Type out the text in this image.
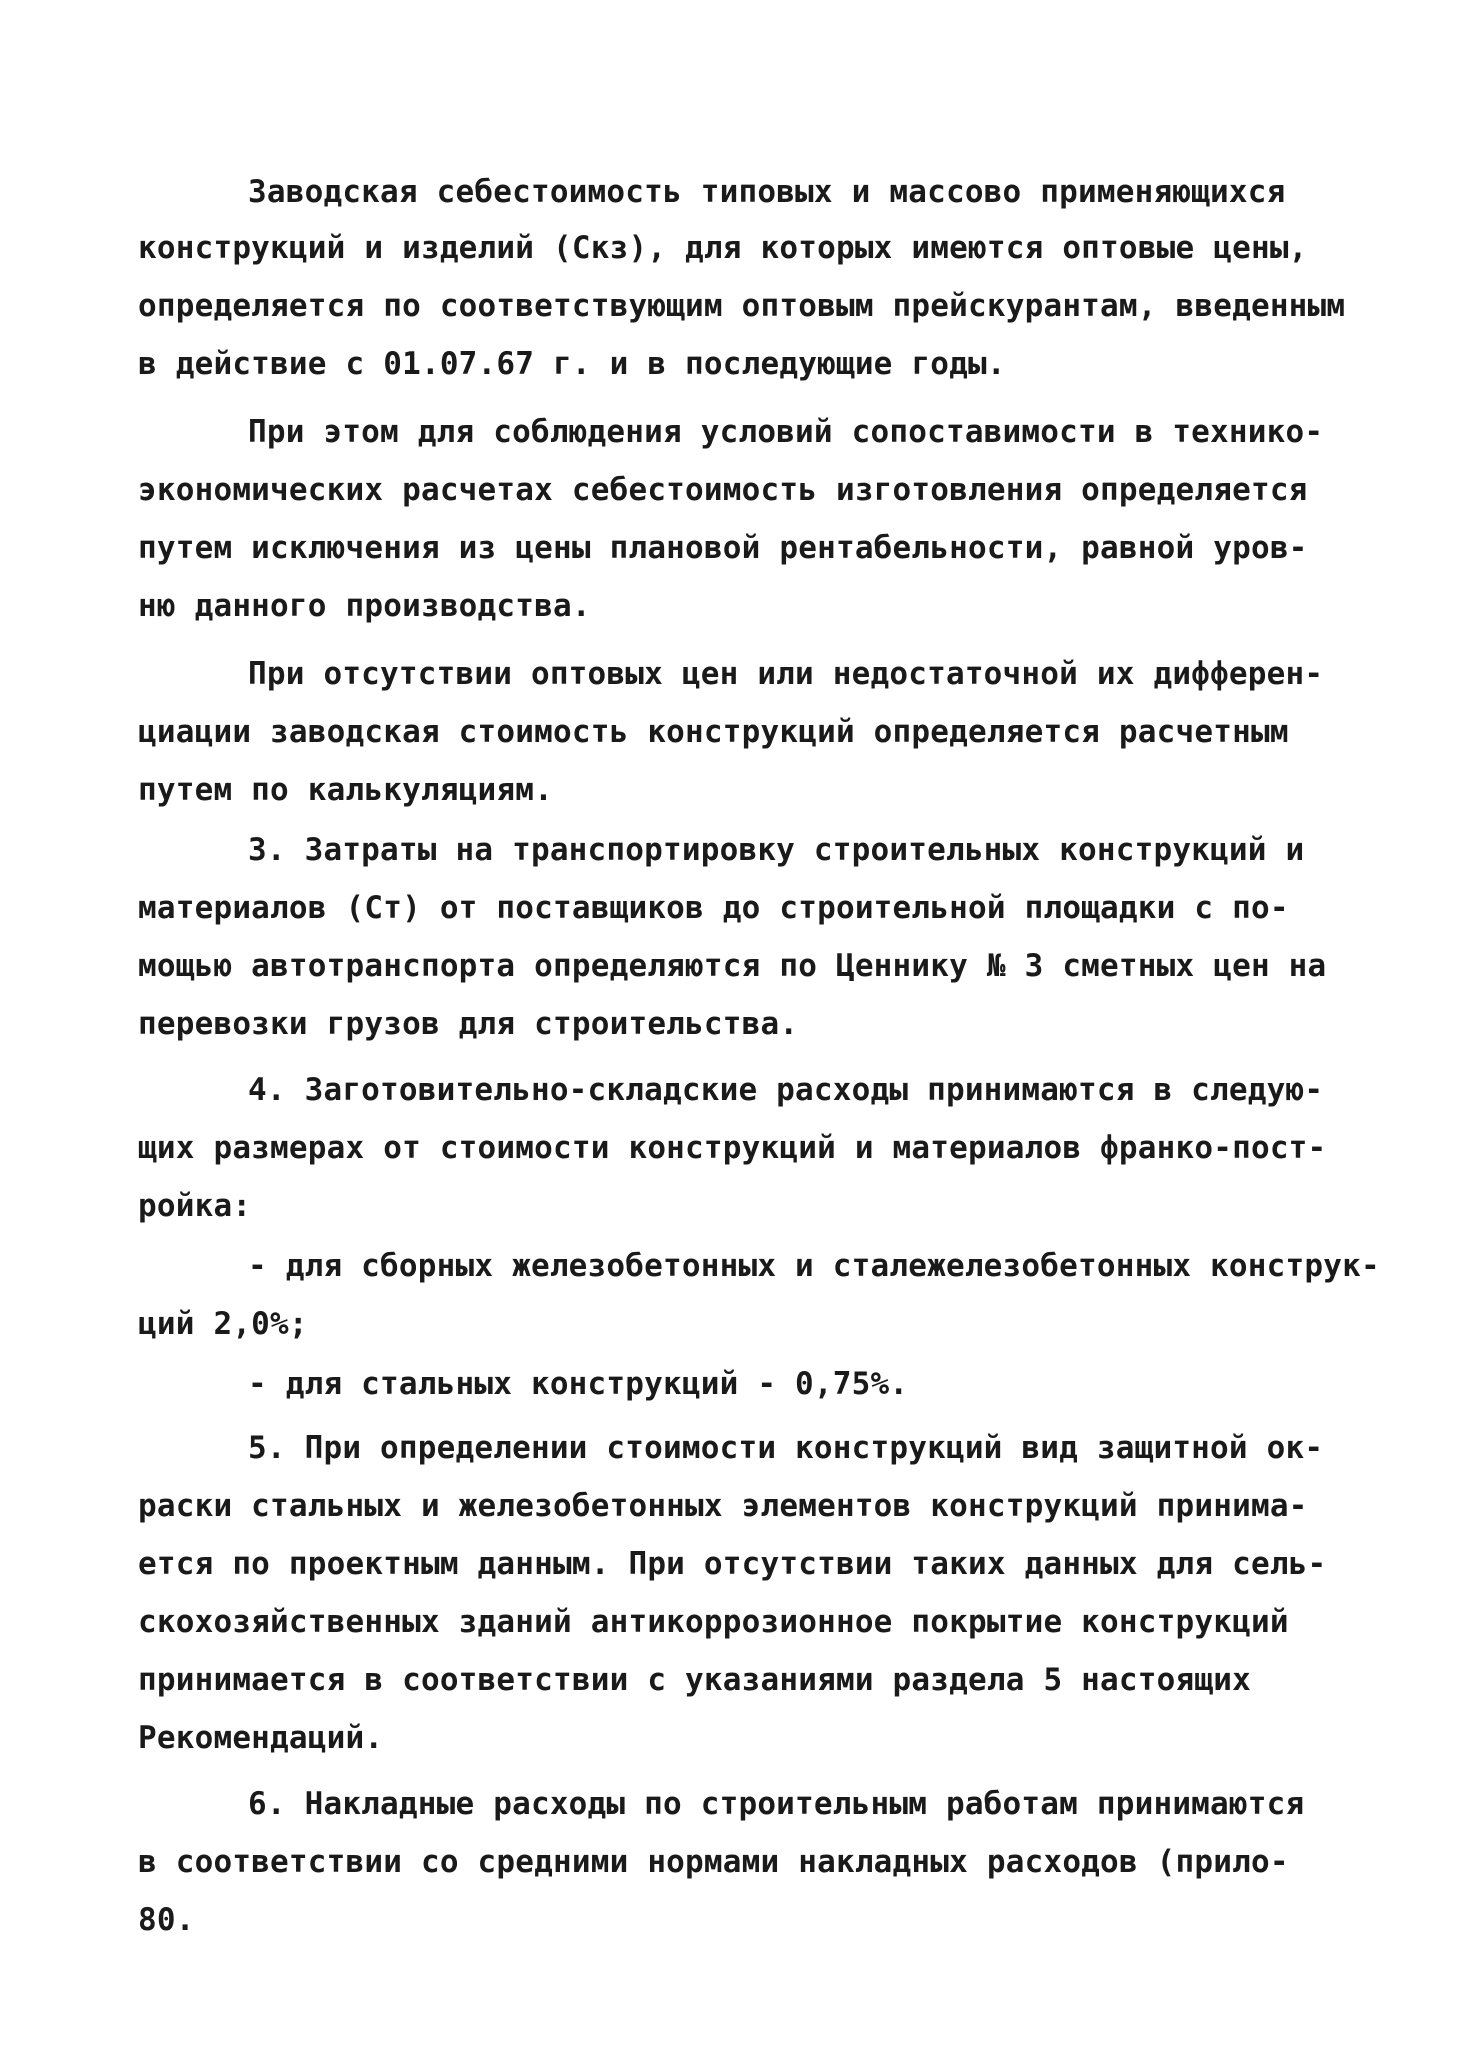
Заводская себестоимость типовых и массово применяющихся
конструкций и изделий (Скз), для которых имеются оптовые цены,
определяется по соответствующим оптовым прейскурантам, введенным
в действие с 01.07.67 г. и в последующие годы.
При этом для соблюдения условий сопоставимости в технико-
экономических расчетах себестоимость изготовления определяется
путем исключения из цены плановой рентабельности, равной уров-
ню данного производства.
При отсутствии оптовых цен или недостаточной их дифферен-
циации заводская стоимость конструкций определяется расчетным
путем по калькуляциям.
3. Затраты на транспортировку строительных конструкций и
материалов (Ст) от поставщиков до строительной площадки с по-
мощью автотранспорта определяются по Ценнику № 3 сметных цен на
перевозки грузов для строительства.
4. Заготовительно-складские расходы принимаются в следую-
щих размерах от стоимости конструкций и материалов франко-пост-
ройка:
- для сборных железобетонных и сталежелезобетонных конструк-
ций 2,0%;
- для стальных конструкций - 0,75%.
5. При определении стоимости конструкций вид защитной ок-
раски стальных и железобетонных элементов конструкций принима-
ется по проектным данным. При отсутствии таких данных для сель-
скохозяйственных зданий антикоррозионное покрытие конструкций
принимается в соответствии с указаниями раздела 5 настоящих
Рекомендаций.
6. Накладные расходы по строительным работам принимаются
в соответствии со средними нормами накладных расходов (прило-
80.
